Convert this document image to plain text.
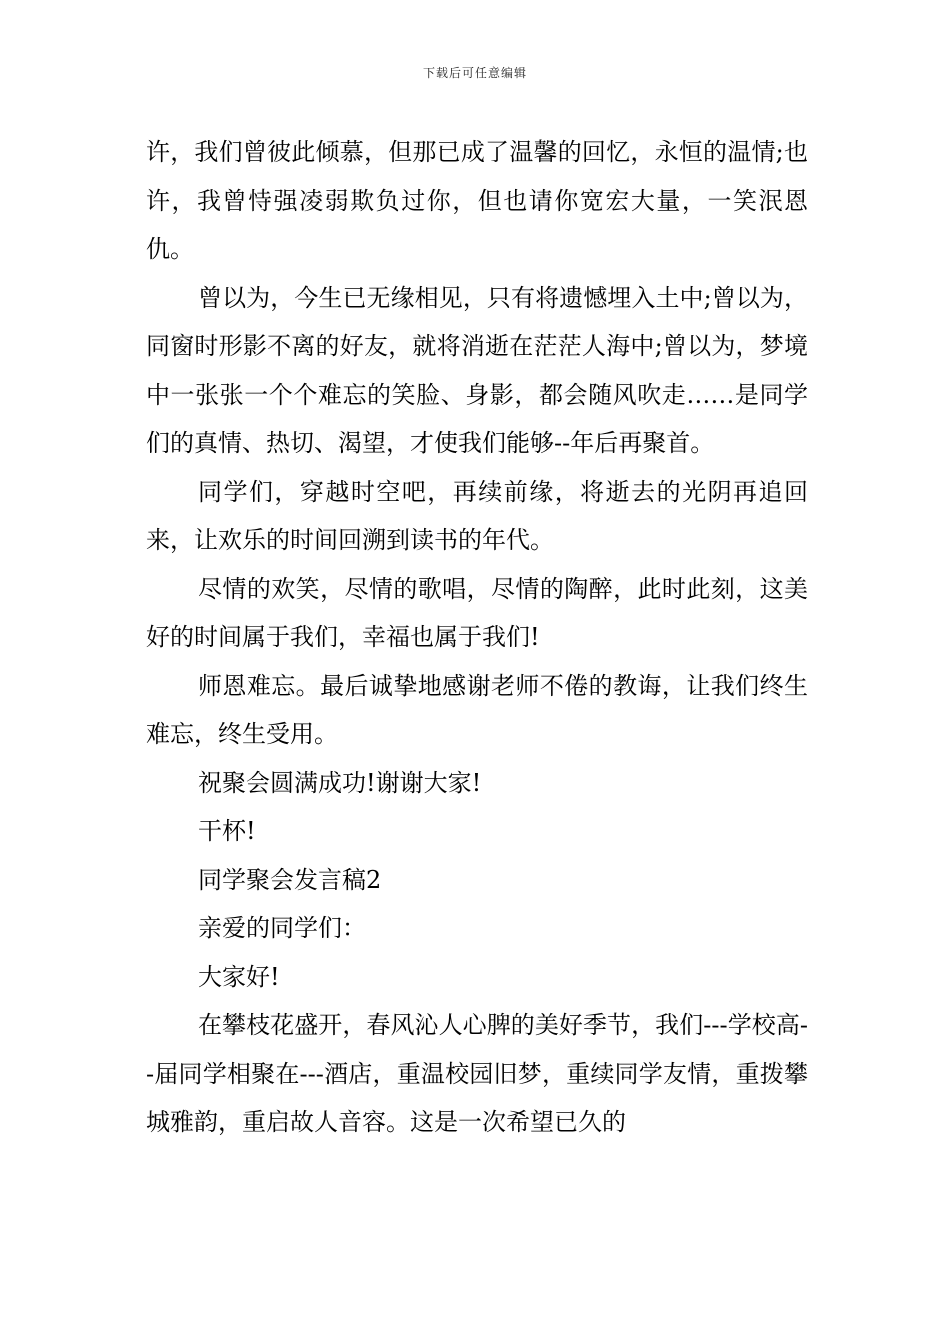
下载后可任意编辑

许，我们曾彼此倾慕，但那已成了温馨的回忆，永恒的温情;也许，我曾恃强凌弱欺负过你，但也请你宽宏大量，一笑泯恩仇。

曾以为，今生已无缘相见，只有将遗憾埋入土中;曾以为，同窗时形影不离的好友，就将消逝在茫茫人海中;曾以为，梦境中一张张一个个难忘的笑脸、身影，都会随风吹走……是同学们的真情、热切、渴望，才使我们能够--年后再聚首。

同学们，穿越时空吧，再续前缘，将逝去的光阴再追回来，让欢乐的时间回溯到读书的年代。

尽情的欢笑，尽情的歌唱，尽情的陶醉，此时此刻，这美好的时间属于我们，幸福也属于我们!

师恩难忘。最后诚挚地感谢老师不倦的教诲，让我们终生难忘，终生受用。

祝聚会圆满成功!谢谢大家!

干杯!

同学聚会发言稿2

亲爱的同学们：

大家好!

在攀枝花盛开，春风沁人心脾的美好季节，我们---学校高--届同学相聚在---酒店，重温校园旧梦，重续同学友情，重拨攀城雅韵，重启故人音容。这是一次希望已久的
